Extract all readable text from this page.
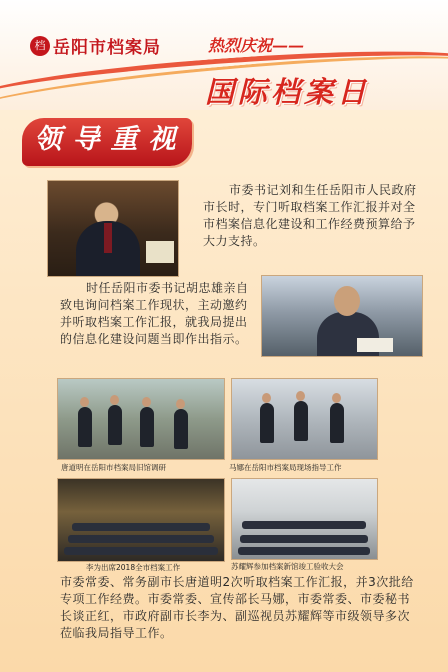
档 岳阳市档案局	热烈庆祝——
国际档案日
领 导 重 视

市委书记刘和生任岳阳市人民政府市长时，专门听取档案工作汇报并对全市档案信息化建设和工作经费预算给予大力支持。

时任岳阳市委书记胡忠雄亲自致电询问档案工作现状，主动邀约并听取档案工作汇报，就我局提出的信息化建设问题当即作出指示。

唐道明在岳阳市档案局旧馆调研	马娜在岳阳市档案局现场指导工作
李为出席2018全市档案工作	苏耀辉参加档案新馆竣工验收大会

市委常委、常务副市长唐道明2次听取档案工作汇报，并3次批给专项工作经费。市委常委、宣传部长马娜，市委常委、市委秘书长谈正红，市政府副市长李为、副巡视员苏耀辉等市级领导多次莅临我局指导工作。
